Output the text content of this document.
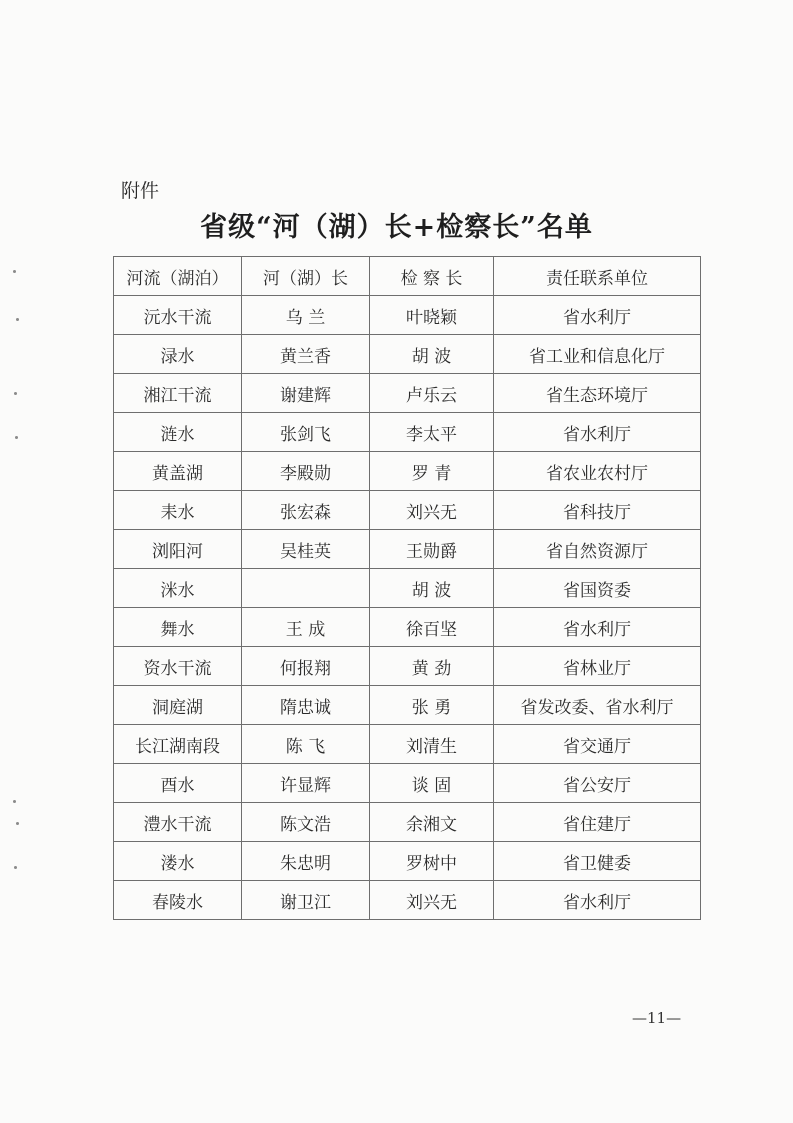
附件
省级“河（湖）长+检察长”名单
河流（湖泊）	河（湖）长	检 察 长	责任联系单位
沅水干流	乌 兰	叶晓颖	省水利厅
渌水	黄兰香	胡 波	省工业和信息化厅
湘江干流	谢建辉	卢乐云	省生态环境厅
涟水	张剑飞	李太平	省水利厅
黄盖湖	李殿勋	罗 青	省农业农村厅
耒水	张宏森	刘兴无	省科技厅
浏阳河	吴桂英	王勋爵	省自然资源厅
洣水		胡 波	省国资委
舞水	王 成	徐百坚	省水利厅
资水干流	何报翔	黄 劲	省林业厅
洞庭湖	隋忠诚	张 勇	省发改委、省水利厅
长江湖南段	陈 飞	刘清生	省交通厅
酉水	许显辉	谈 固	省公安厅
澧水干流	陈文浩	余湘文	省住建厅
溇水	朱忠明	罗树中	省卫健委
春陵水	谢卫江	刘兴无	省水利厅
—11—
